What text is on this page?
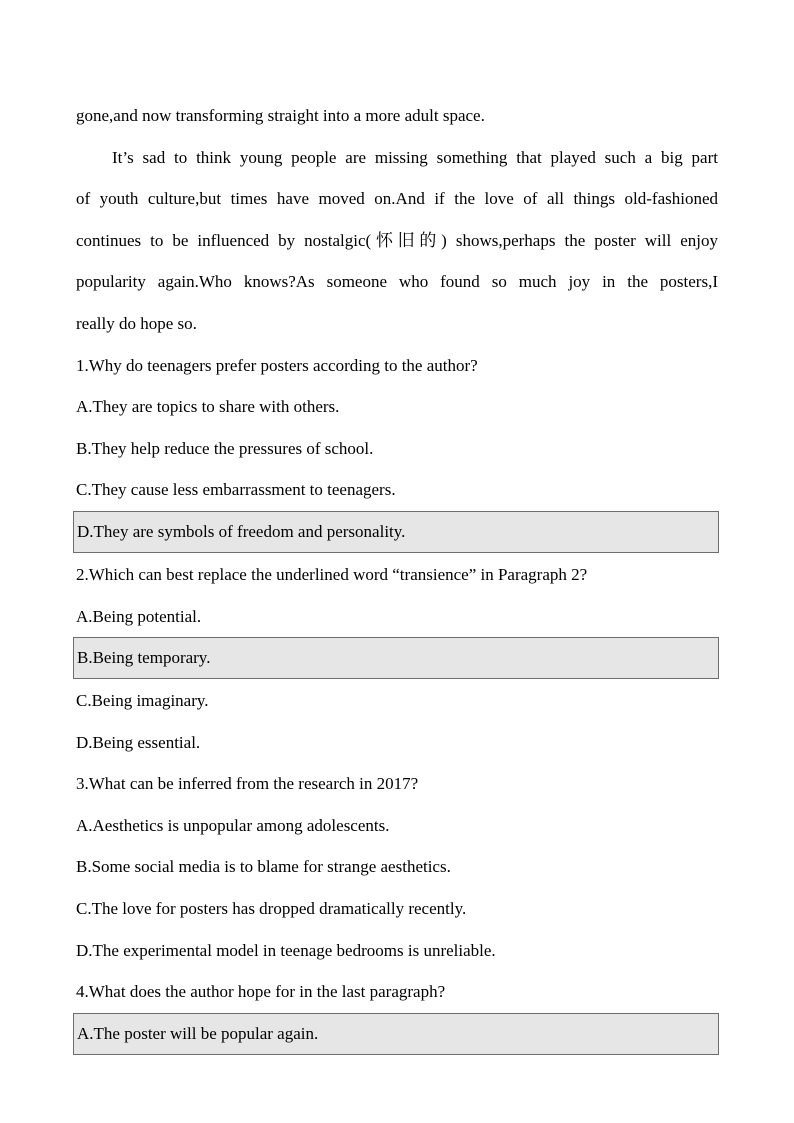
gone,and now transforming straight into a more adult space.
It’s sad to think young people are missing something that played such a big part
of youth culture,but times have moved on.And if the love of all things old-fashioned
continues to be influenced by nostalgic(怀旧的) shows,perhaps the poster will enjoy
popularity again.Who knows?As someone who found so much joy in the posters,I
really do hope so.
1.Why do teenagers prefer posters according to the author?
A.They are topics to share with others.
B.They help reduce the pressures of school.
C.They cause less embarrassment to teenagers.
D.They are symbols of freedom and personality.
2.Which can best replace the underlined word “transience” in Paragraph 2?
A.Being potential.
B.Being temporary.
C.Being imaginary.
D.Being essential.
3.What can be inferred from the research in 2017?
A.Aesthetics is unpopular among adolescents.
B.Some social media is to blame for strange aesthetics.
C.The love for posters has dropped dramatically recently.
D.The experimental model in teenage bedrooms is unreliable.
4.What does the author hope for in the last paragraph?
A.The poster will be popular again.
